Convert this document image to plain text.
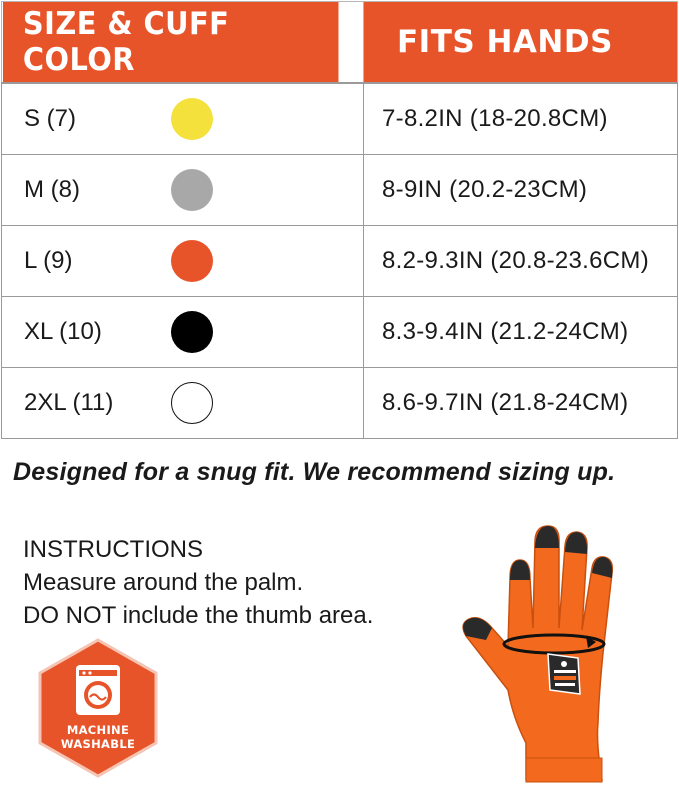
SIZE & CUFF COLOR	FITS HANDS
S (7)	7-8.2IN (18-20.8CM)
M (8)	8-9IN (20.2-23CM)
L (9)	8.2-9.3IN (20.8-23.6CM)
XL (10)	8.3-9.4IN (21.2-24CM)
2XL (11)	8.6-9.7IN (21.8-24CM)
Designed for a snug fit. We recommend sizing up.
INSTRUCTIONS
Measure around the palm.
DO NOT include the thumb area.
MACHINE
WASHABLE
